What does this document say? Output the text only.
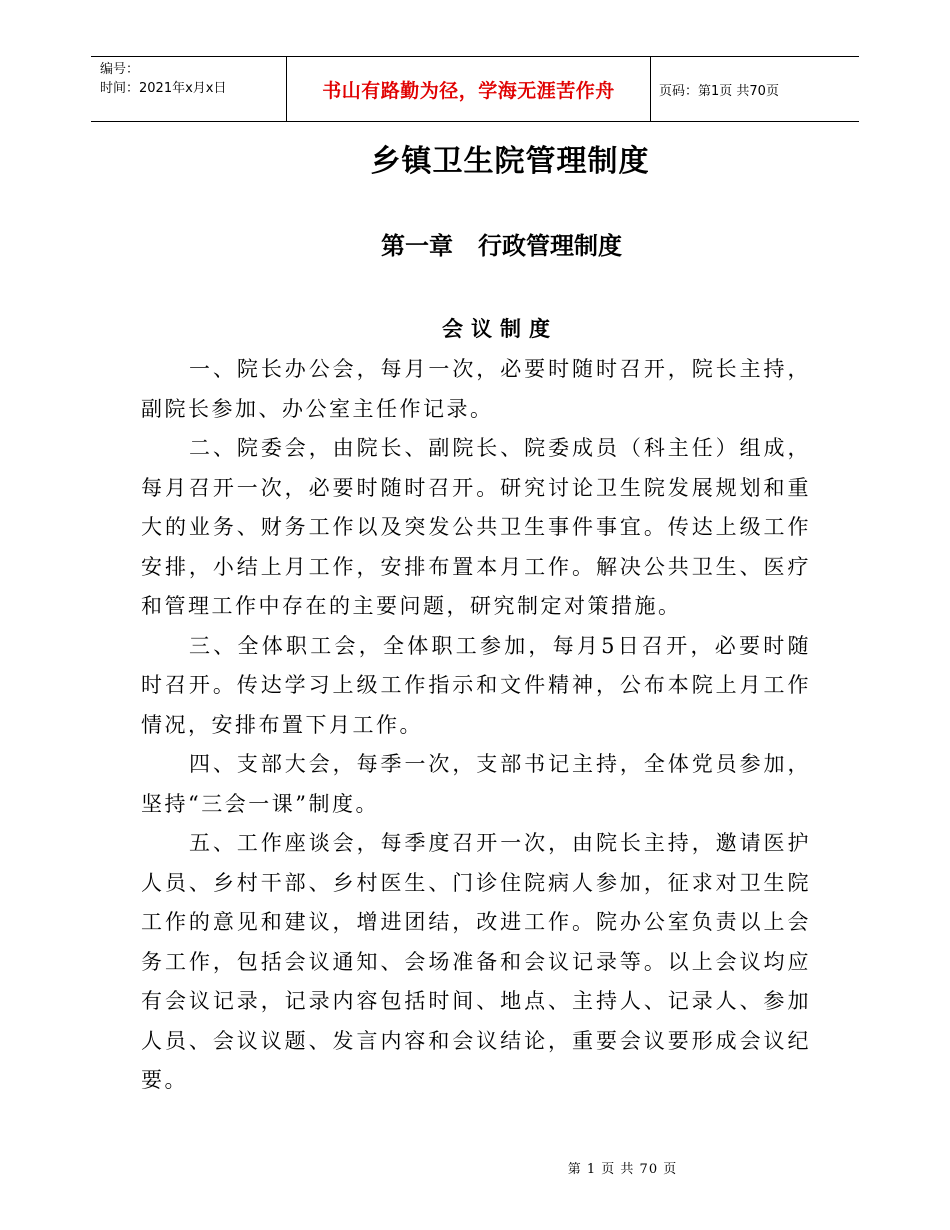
编号：
时间：2021年x月x日	书山有路勤为径，学海无涯苦作舟	页码：第1页 共70页
乡镇卫生院管理制度
第一章   行政管理制度
会议制度

一、院长办公会，每月一次，必要时随时召开，院长主持，副院长参加、办公室主任作记录。

二、院委会，由院长、副院长、院委成员（科主任）组成，每月召开一次，必要时随时召开。研究讨论卫生院发展规划和重大的业务、财务工作以及突发公共卫生事件事宜。传达上级工作安排，小结上月工作，安排布置本月工作。解决公共卫生、医疗和管理工作中存在的主要问题，研究制定对策措施。

三、全体职工会，全体职工参加，每月5日召开，必要时随时召开。传达学习上级工作指示和文件精神，公布本院上月工作情况，安排布置下月工作。

四、支部大会，每季一次，支部书记主持，全体党员参加，坚持“三会一课”制度。

五、工作座谈会，每季度召开一次，由院长主持，邀请医护人员、乡村干部、乡村医生、门诊住院病人参加，征求对卫生院工作的意见和建议，增进团结，改进工作。院办公室负责以上会务工作，包括会议通知、会场准备和会议记录等。以上会议均应有会议记录，记录内容包括时间、地点、主持人、记录人、参加人员、会议议题、发言内容和会议结论，重要会议要形成会议纪要。

第 1 页 共 70 页
